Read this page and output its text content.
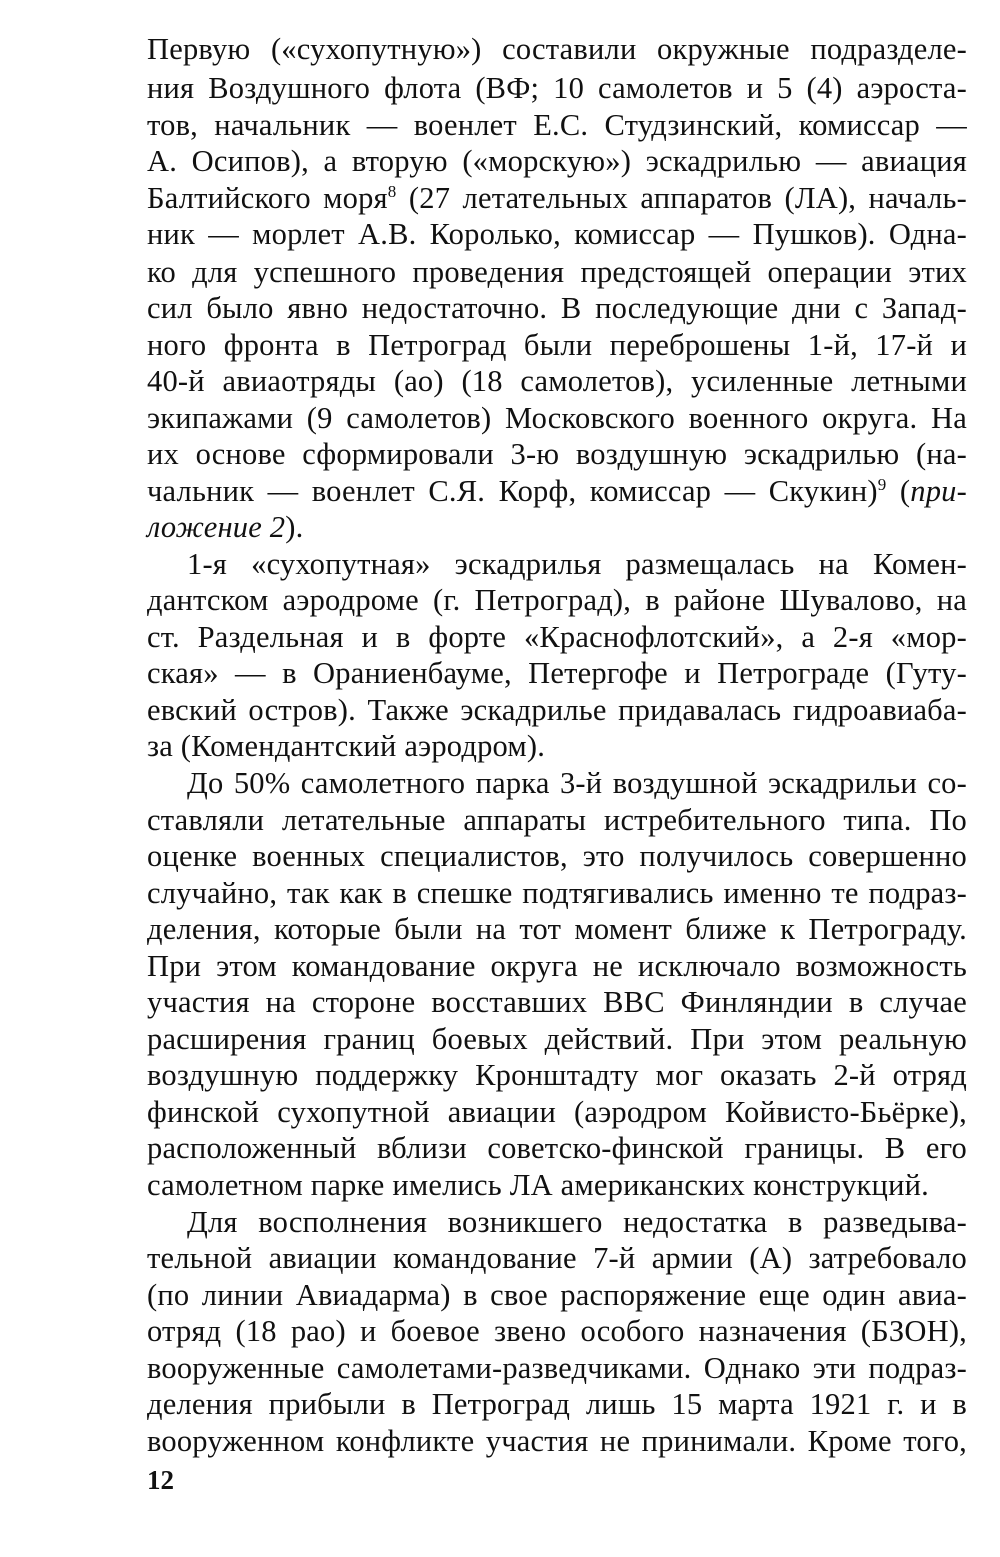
Первую («сухопутную») составили окружные подразделе-
ния Воздушного флота (ВФ; 10 самолетов и 5 (4) аэроста-
тов, начальник — военлет Е.С. Студзинский, комиссар —
А. Осипов), а вторую («морскую») эскадрилью — авиация
Балтийского моря$^8$ (27 летательных аппаратов (ЛА), началь-
ник — морлет А.В. Королько, комиссар — Пушков). Однa-
ко для успешного проведения предстоящей операции этих
сил было явно недостаточно. В последующие дни с Запад-
ного фронта в Петроград были переброшены 1-й, 17-й и
40-й авиаотряды (ао) (18 самолетов), усиленные летными
экипажами (9 самолетов) Московского военного округа. На
их основе сформировали 3-ю воздушную эскадрилью (на-
чальник — военлет С.Я. Корф, комиссар — Скукин)$^9$ (при-
ложение 2).
1-я «сухопутная» эскадрилья размещалась на Комен-
дантском аэродроме (г. Петроград), в районе Шувалово, на
ст. Раздельная и в форте «Краснофлотский», а 2-я «мор-
ская» — в Ораниенбауме, Петергофе и Петрограде (Гуту-
евский остров). Также эскадрилье придавалась гидроавиаба-
за (Комендантский аэродром).
До 50% самолетного парка 3-й воздушной эскадрильи со-
ставляли летательные аппараты истребительного типа. По
оценке военных специалистов, это получилось совершенно
случайно, так как в спешке подтягивались именно те подраз-
деления, которые были на тот момент ближе к Петрограду.
При этом командование округа не исключало возможность
участия на стороне восставших ВВС Финляндии в случае
расширения границ боевых действий. При этом реальную
воздушную поддержку Кронштадту мог оказать 2-й отряд
финской сухопутной авиации (аэродром Койвисто-Бьёрке),
расположенный вблизи советско-финской границы. В его
самолетном парке имелись ЛА американских конструкций.
Для восполнения возникшего недостатка в разведыва-
тельной авиации командование 7-й армии (А) затребовало
(по линии Авиадарма) в свое распоряжение еще один авиа-
отряд (18 рао) и боевое звено особого назначения (БЗОН),
вооруженные самолетами-разведчиками. Однако эти подраз-
деления прибыли в Петроград лишь 15 марта 1921 г. и в
вооруженном конфликте участия не принимали. Кроме того,
12
